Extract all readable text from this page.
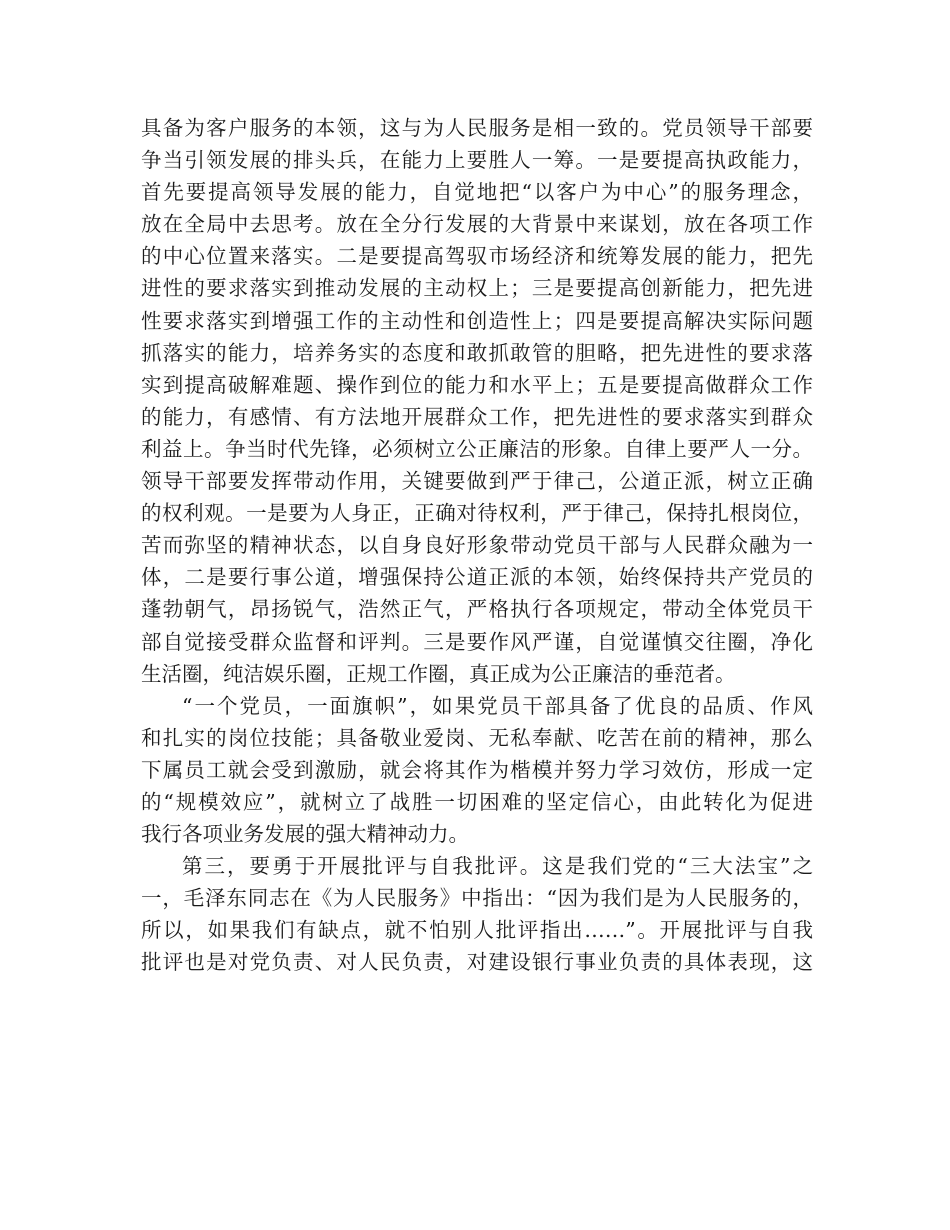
具备为客户服务的本领，这与为人民服务是相一致的。党员领导干部要
争当引领发展的排头兵，在能力上要胜人一筹。一是要提高执政能力，
首先要提高领导发展的能力，自觉地把“以客户为中心”的服务理念，
放在全局中去思考。放在全分行发展的大背景中来谋划，放在各项工作
的中心位置来落实。二是要提高驾驭市场经济和统筹发展的能力，把先
进性的要求落实到推动发展的主动权上；三是要提高创新能力，把先进
性要求落实到增强工作的主动性和创造性上；四是要提高解决实际问题
抓落实的能力，培养务实的态度和敢抓敢管的胆略，把先进性的要求落
实到提高破解难题、操作到位的能力和水平上；五是要提高做群众工作
的能力，有感情、有方法地开展群众工作，把先进性的要求落实到群众
利益上。争当时代先锋，必须树立公正廉洁的形象。自律上要严人一分。
领导干部要发挥带动作用，关键要做到严于律己，公道正派，树立正确
的权利观。一是要为人身正，正确对待权利，严于律己，保持扎根岗位，
苦而弥坚的精神状态，以自身良好形象带动党员干部与人民群众融为一
体，二是要行事公道，增强保持公道正派的本领，始终保持共产党员的
蓬勃朝气，昂扬锐气，浩然正气，严格执行各项规定，带动全体党员干
部自觉接受群众监督和评判。三是要作风严谨，自觉谨慎交往圈，净化
生活圈，纯洁娱乐圈，正规工作圈，真正成为公正廉洁的垂范者。
“一个党员，一面旗帜”，如果党员干部具备了优良的品质、作风
和扎实的岗位技能；具备敬业爱岗、无私奉献、吃苦在前的精神，那么
下属员工就会受到激励，就会将其作为楷模并努力学习效仿，形成一定
的“规模效应”，就树立了战胜一切困难的坚定信心，由此转化为促进
我行各项业务发展的强大精神动力。
第三，要勇于开展批评与自我批评。这是我们党的“三大法宝”之
一，毛泽东同志在《为人民服务》中指出：“因为我们是为人民服务的，
所以，如果我们有缺点，就不怕别人批评指出……”。开展批评与自我
批评也是对党负责、对人民负责，对建设银行事业负责的具体表现，这
